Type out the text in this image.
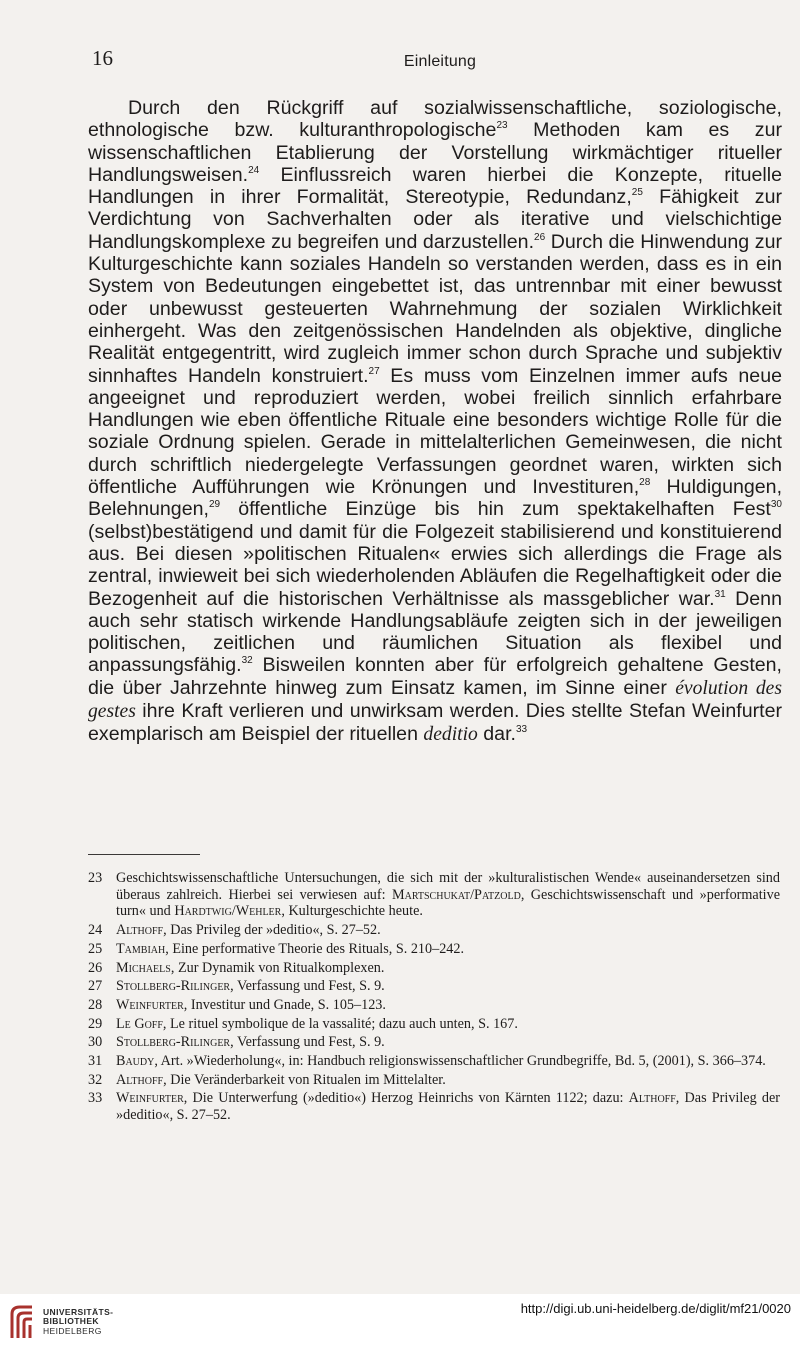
16	Einleitung

Durch den Rückgriff auf sozialwissenschaftliche, soziologische, ethnologische bzw. kulturanthropologische$^{23}$ Methoden kam es zur wissenschaftlichen Etablierung der Vorstellung wirkmächtiger ritueller Handlungsweisen.$^{24}$ Einflussreich waren hierbei die Konzepte, rituelle Handlungen in ihrer Formalität, Stereotypie, Redundanz,$^{25}$ Fähigkeit zur Verdichtung von Sachverhalten oder als iterative und vielschichtige Handlungskomplexe zu begreifen und darzustellen.$^{26}$ Durch die Hinwendung zur Kulturgeschichte kann soziales Handeln so verstanden werden, dass es in ein System von Bedeutungen eingebettet ist, das untrennbar mit einer bewusst oder unbewusst gesteuerten Wahrnehmung der sozialen Wirklichkeit einhergeht. Was den zeitgenössischen Handelnden als objektive, dingliche Realität entgegentritt, wird zugleich immer schon durch Sprache und subjektiv sinnhaftes Handeln konstruiert.$^{27}$ Es muss vom Einzelnen immer aufs neue angeeignet und reproduziert werden, wobei freilich sinnlich erfahrbare Handlungen wie eben öffentliche Rituale eine besonders wichtige Rolle für die soziale Ordnung spielen. Gerade in mittelalterlichen Gemeinwesen, die nicht durch schriftlich niedergelegte Verfassungen geordnet waren, wirkten sich öffentliche Aufführungen wie Krönungen und Investituren,$^{28}$ Huldigungen, Belehnungen,$^{29}$ öffentliche Einzüge bis hin zum spektakelhaften Fest$^{30}$ (selbst)bestätigend und damit für die Folgezeit stabilisierend und konstituierend aus. Bei diesen »politischen Ritualen« erwies sich allerdings die Frage als zentral, inwieweit bei sich wiederholenden Abläufen die Regelhaftigkeit oder die Bezogenheit auf die historischen Verhältnisse als massgeblicher war.$^{31}$ Denn auch sehr statisch wirkende Handlungsabläufe zeigten sich in der jeweiligen politischen, zeitlichen und räumlichen Situation als flexibel und anpassungsfähig.$^{32}$ Bisweilen konnten aber für erfolgreich gehaltene Gesten, die über Jahrzehnte hinweg zum Einsatz kamen, im Sinne einer évolution des gestes ihre Kraft verlieren und unwirksam werden. Dies stellte Stefan Weinfurter exemplarisch am Beispiel der rituellen deditio dar.$^{33}$

23 Geschichtswissenschaftliche Untersuchungen, die sich mit der »kulturalistischen Wende« auseinandersetzen sind überaus zahlreich. Hierbei sei verwiesen auf: Martschukat/Patzold, Geschichtswissenschaft und »performative turn« und Hardtwig/Wehler, Kulturgeschichte heute.
24 Althoff, Das Privileg der »deditio«, S. 27–52.
25 Tambiah, Eine performative Theorie des Rituals, S. 210–242.
26 Michaels, Zur Dynamik von Ritualkomplexen.
27 Stollberg-Rilinger, Verfassung und Fest, S. 9.
28 Weinfurter, Investitur und Gnade, S. 105–123.
29 Le Goff, Le rituel symbolique de la vassalité; dazu auch unten, S. 167.
30 Stollberg-Rilinger, Verfassung und Fest, S. 9.
31 Baudy, Art. »Wiederholung«, in: Handbuch religionswissenschaftlicher Grundbegriffe, Bd. 5, (2001), S. 366–374.
32 Althoff, Die Veränderbarkeit von Ritualen im Mittelalter.
33 Weinfurter, Die Unterwerfung (»deditio«) Herzog Heinrichs von Kärnten 1122; dazu: Althoff, Das Privileg der »deditio«, S. 27–52.
UNIVERSITÄTS-
BIBLIOTHEK
HEIDELBERG
http://digi.ub.uni-heidelberg.de/diglit/mf21/0020
